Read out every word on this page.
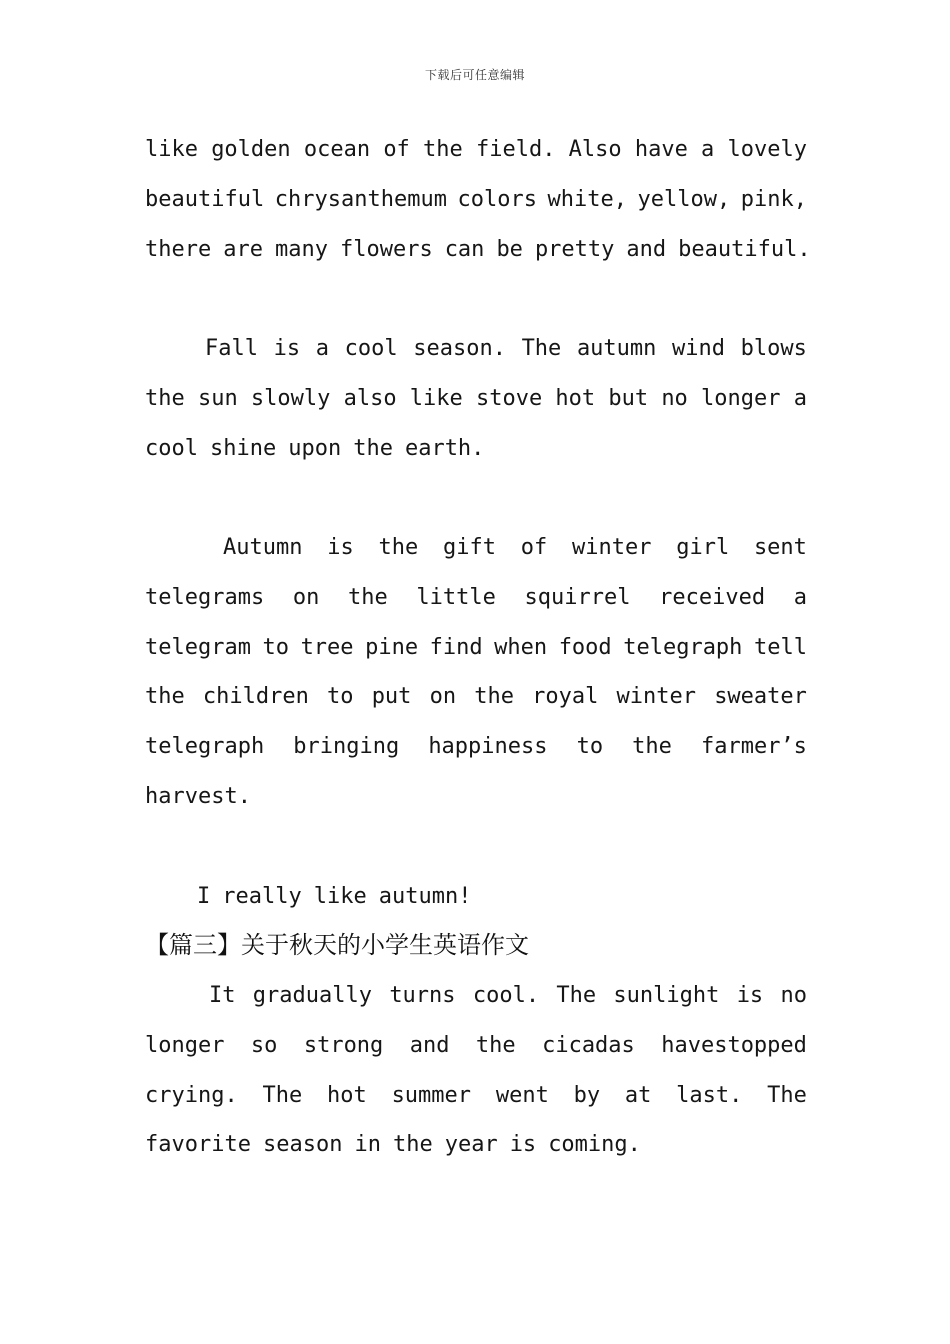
下载后可任意编辑
like golden ocean of the field. Also have a lovely
beautiful chrysanthemum colors white, yellow, pink,
there are many flowers can be pretty and beautiful.
Fall is a cool season. The autumn wind blows
the sun slowly also like stove hot but no longer a
cool shine upon the earth.
Autumn is the gift of winter girl sent
telegrams on the little squirrel received a
telegram to tree pine find when food telegraph tell
the children to put on the royal winter sweater
telegraph bringing happiness to the farmer’s
harvest.
I really like autumn!
【篇三】关于秋天的小学生英语作文
It gradually turns cool. The sunlight is no
longer so strong and the cicadas havestopped
crying. The hot summer went by at last. The
favorite season in the year is coming.
